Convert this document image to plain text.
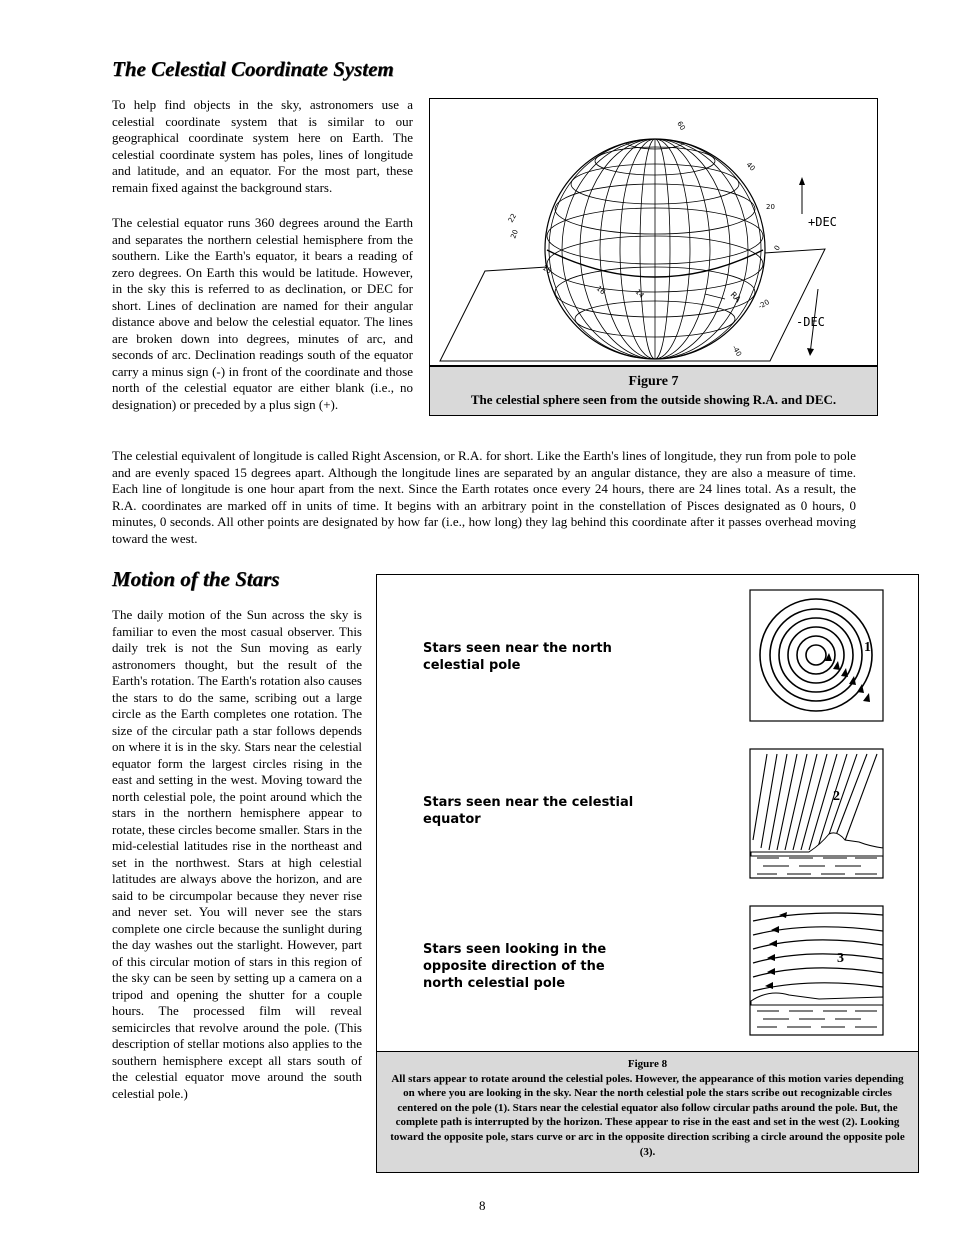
The Celestial Coordinate System

To help find objects in the sky, astronomers use a celestial coordinate system that is similar to our geographical coordinate system here on Earth. The celestial coordinate system has poles, lines of longitude and latitude, and an equator. For the most part, these remain fixed against the background stars.

The celestial equator runs 360 degrees around the Earth and separates the northern celestial hemisphere from the southern. Like the Earth's equator, it bears a reading of zero degrees. On Earth this would be latitude. However, in the sky this is referred to as declination, or DEC for short. Lines of declination are named for their angular distance above and below the celestial equator. The lines are broken down into degrees, minutes of arc, and seconds of arc. Declination readings south of the equator carry a minus sign (-) in front of the coordinate and those north of the celestial equator are either blank (i.e., no designation) or preceded by a plus sign (+).

+DEC
-DEC
60
40
20
0
-20
-40
22
20
18
16	14	RA
Figure 7
The celestial sphere seen from the outside showing R.A. and DEC.

The celestial equivalent of longitude is called Right Ascension, or R.A. for short. Like the Earth's lines of longitude, they run from pole to pole and are evenly spaced 15 degrees apart. Although the longitude lines are separated by an angular distance, they are also a measure of time. Each line of longitude is one hour apart from the next. Since the Earth rotates once every 24 hours, there are 24 lines total. As a result, the R.A. coordinates are marked off in units of time. It begins with an arbitrary point in the constellation of Pisces designated as 0 hours, 0 minutes, 0 seconds. All other points are designated by how far (i.e., how long) they lag behind this coordinate after it passes overhead moving toward the west.

Motion of the Stars

The daily motion of the Sun across the sky is familiar to even the most casual observer. This daily trek is not the Sun moving as early astronomers thought, but the result of the Earth's rotation. The Earth's rotation also causes the stars to do the same, scribing out a large circle as the Earth completes one rotation. The size of the circular path a star follows depends on where it is in the sky. Stars near the celestial equator form the largest circles rising in the east and setting in the west. Moving toward the north celestial pole, the point around which the stars in the northern hemisphere appear to rotate, these circles become smaller. Stars in the mid-celestial latitudes rise in the northeast and set in the northwest. Stars at high celestial latitudes are always above the horizon, and are said to be circumpolar because they never rise and never set. You will never see the stars complete one circle because the sunlight during the day washes out the starlight. However, part of this circular motion of stars in this region of the sky can be seen by setting up a camera on a tripod and opening the shutter for a couple hours. The processed film will reveal semicircles that revolve around the pole. (This description of stellar motions also applies to the southern hemisphere except all stars south of the celestial equator move around the south celestial pole.)

Stars seen near the north celestial pole

Stars seen near the celestial equator

Stars seen looking in the opposite direction of the north celestial pole

1
2
3
Figure 8
All stars appear to rotate around the celestial poles. However, the appearance of this motion varies depending on where you are looking in the sky. Near the north celestial pole the stars scribe out recognizable circles centered on the pole (1). Stars near the celestial equator also follow circular paths around the pole. But, the complete path is interrupted by the horizon. These appear to rise in the east and set in the west (2). Looking toward the opposite pole, stars curve or arc in the opposite direction scribing a circle around the opposite pole (3).
8
